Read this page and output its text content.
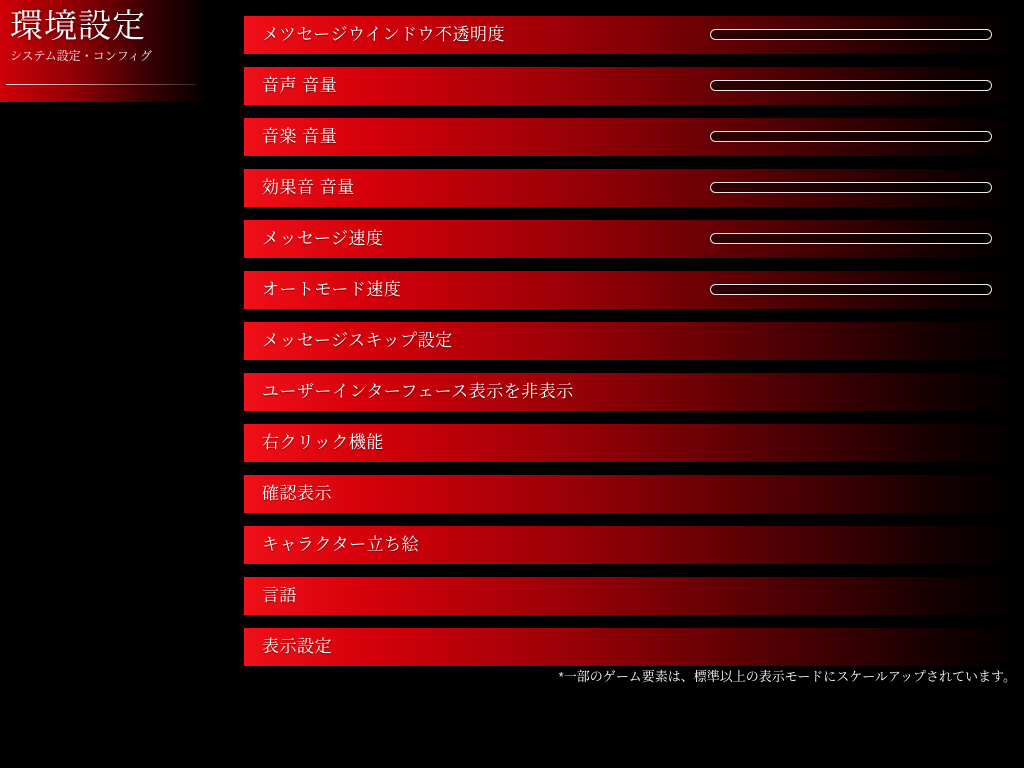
環境設定
システム設定・コンフィグ
メツセージウインドウ不透明度
音声 音量
音楽 音量
効果音 音量
メッセージ速度
オートモード速度
メッセージスキップ設定
ユーザーインターフェース表示を非表示
右クリック機能
確認表示
キャラクター立ち絵
言語
表示設定
*一部のゲーム要素は、標準以上の表示モードにスケールアップされています。
